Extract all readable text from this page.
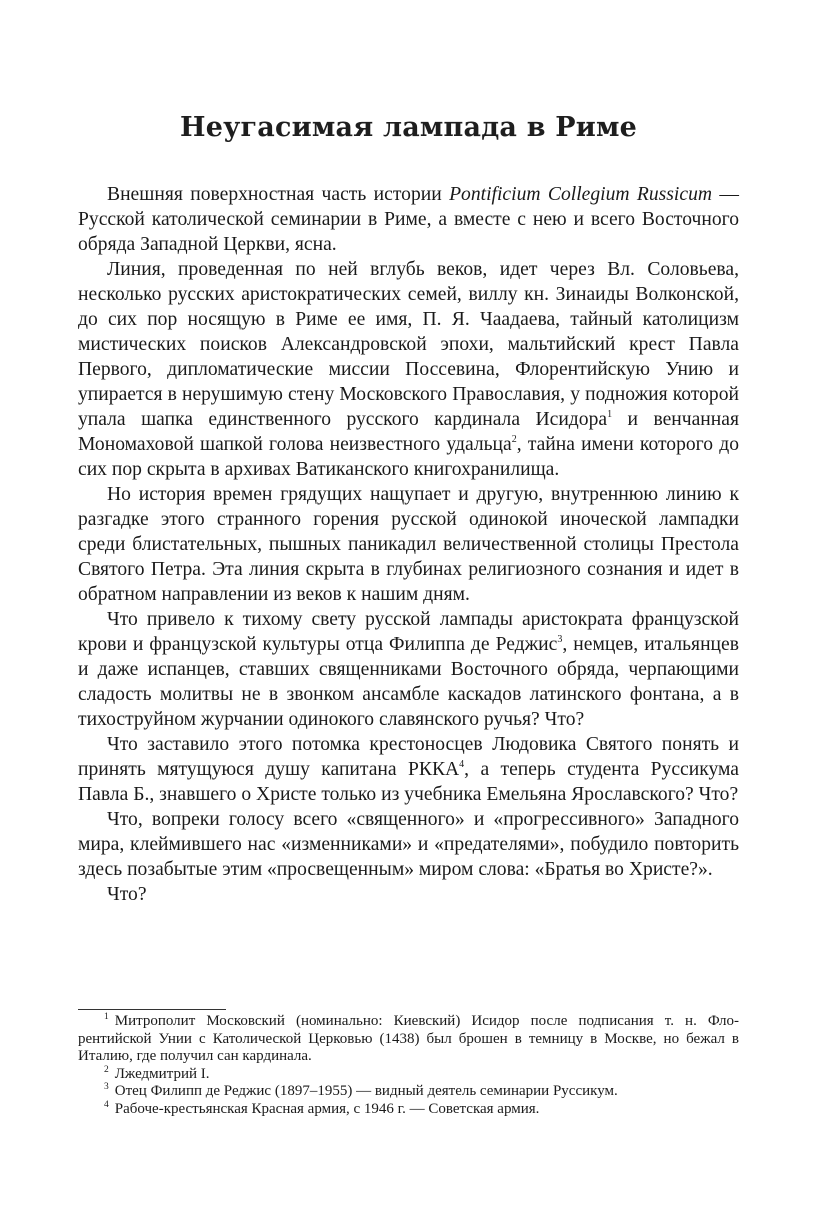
Неугасимая лампада в Риме

Внешняя поверхностная часть истории Pontificium Collegium Russicum — Русской католической семинарии в Риме, а вместе с нею и всего Восточного обряда Западной Церкви, ясна.

Линия, проведенная по ней вглубь веков, идет через Вл. Соловьева, несколько русских аристократических семей, виллу кн. Зинаиды Волконской, до сих пор носящую в Риме ее имя, П. Я. Чаадаева, тайный католицизм мистических поисков Александровской эпохи, мальтийский крест Павла Первого, дипломатические миссии Поссевина, Флорентийскую Унию и упирается в нерушимую стену Московского Православия, у подножия которой упала шапка единственного русского кардинала Исидора$^1$ и венчанная Мономаховой шапкой голова неизвестного удальца$^2$, тайна имени которого до сих пор скрыта в архивах Ватиканского книгохранилища.

Но история времен грядущих нащупает и другую, внутреннюю линию к разгадке этого странного горения русской одинокой иноческой лампадки среди блистательных, пышных паникадил величественной столицы Престола Святого Петра. Эта линия скрыта в глубинах религиозного сознания и идет в обратном направлении из веков к нашим дням.

Что привело к тихому свету русской лампады аристократа французской крови и французской культуры отца Филиппа де Реджис$^3$, немцев, итальянцев и даже испанцев, ставших священниками Восточного обряда, черпающими сладость молитвы не в звонком ансамбле каскадов латинского фонтана, а в тихоструйном журчании одинокого славянского ручья? Что?

Что заставило этого потомка крестоносцев Людовика Святого понять и принять мятущуюся душу капитана РККА$^4$, а теперь студента Руссикума Павла Б., знавшего о Христе только из учебника Емельяна Ярославского? Что?

Что, вопреки голосу всего «священного» и «прогрессивного» Западного мира, клеймившего нас «изменниками» и «предателями», побудило повторить здесь позабытые этим «просвещенным» миром слова: «Братья во Христе?».

Что?

$^1$ Митрополит Московский (номинально: Киевский) Исидор после подписания т. н. Флорентийской Унии с Католической Церковью (1438) был брошен в темницу в Москве, но бежал в Италию, где получил сан кардинала.

$^2$ Лжедмитрий I.

$^3$ Отец Филипп де Реджис (1897–1955) — видный деятель семинарии Руссикум.

$^4$ Рабоче-крестьянская Красная армия, с 1946 г. — Советская армия.
